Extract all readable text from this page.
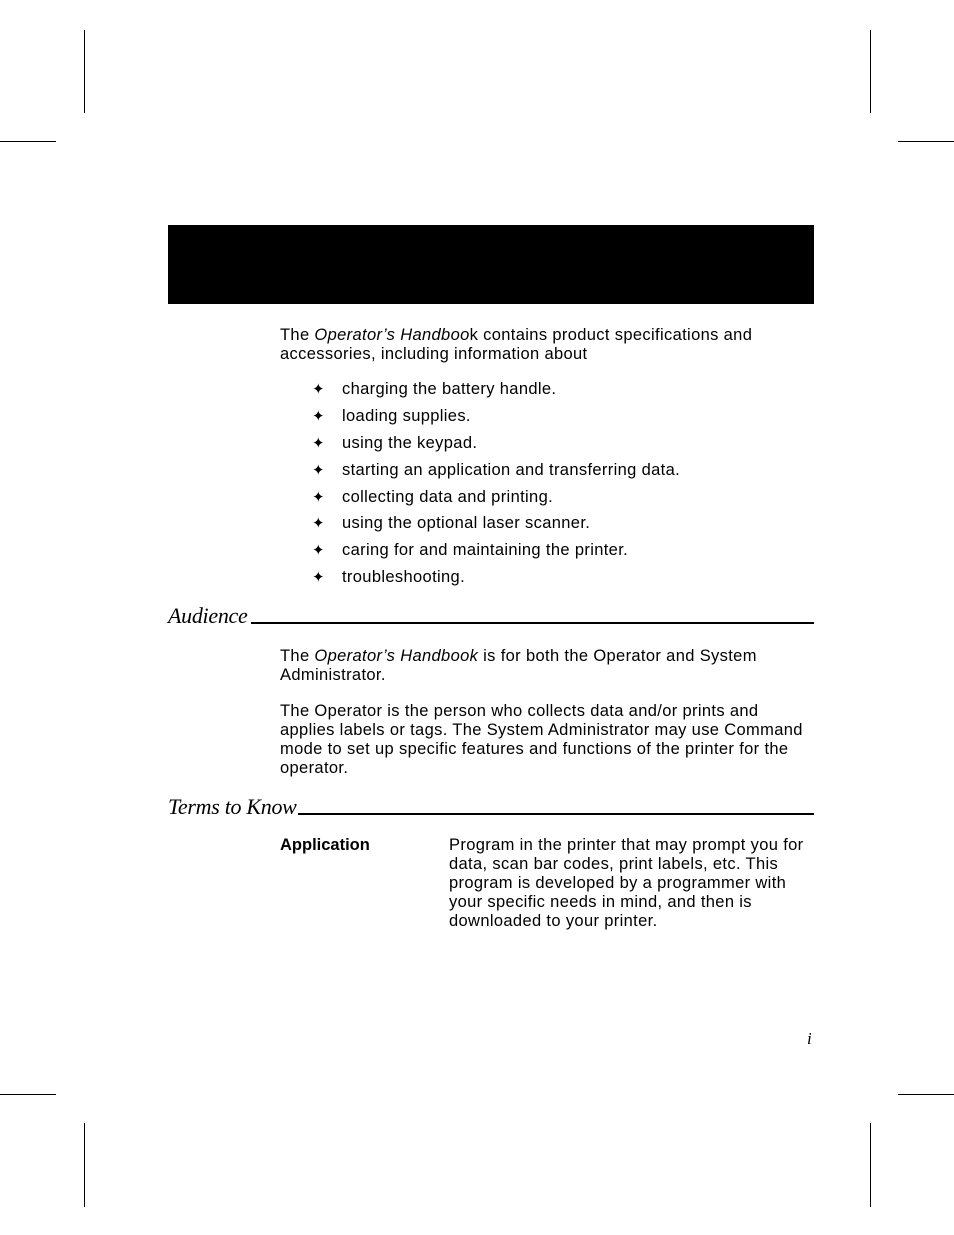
The Operator’s Handbook contains product specifications and accessories, including information about

✦ charging the battery handle.
✦ loading supplies.
✦ using the keypad.
✦ starting an application and transferring data.
✦ collecting data and printing.
✦ using the optional laser scanner.
✦ caring for and maintaining the printer.
✦ troubleshooting.
Audience

The Operator’s Handbook is for both the Operator and System Administrator.

The Operator is the person who collects data and/or prints and applies labels or tags. The System Administrator may use Command mode to set up specific features and functions of the printer for the operator.

Terms to Know
Application	Program in the printer that may prompt you for data, scan bar codes, print labels, etc. This program is developed by a programmer with your specific needs in mind, and then is downloaded to your printer.
i
